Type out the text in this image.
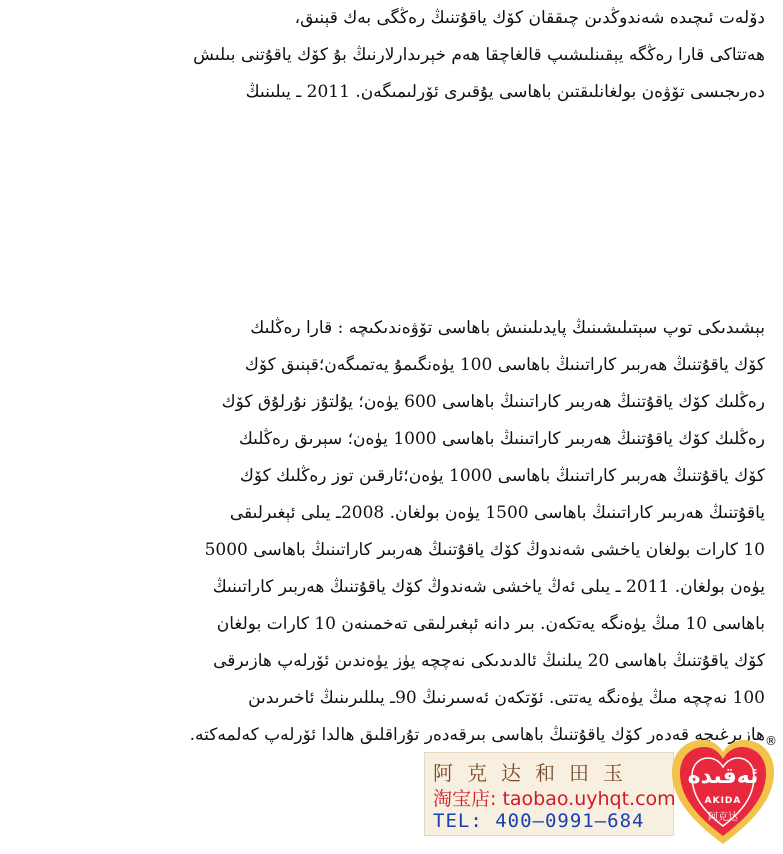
دۆلەت ئىچىدە شەندوڭدىن چىققان كۆك ياقۇتنىڭ رەڭگى بەك قېنىق،
ھەتتاكى قارا رەڭگە يېقىنلىشىپ قالغاچقا ھەم خېرىدارلارنىڭ بۇ كۆك ياقۇتنى بىلىش
دەرىجىسى تۆۋەن بولغانلىقتىن باھاسى يۇقىرى ئۆرلىمىگەن. 2011 ـ يىلىنىڭ
بېشىدىكى توپ سېتىلىشىنىڭ پايدىلىنىش باھاسى تۆۋەندىكىچە : قارا رەڭلىك
كۆك ياقۇتنىڭ ھەربىر كاراتىنىڭ باھاسى 100 يۈەنگىمۇ يەتمىگەن؛قېنىق كۆك
رەڭلىك كۆك ياقۇتنىڭ ھەربىر كاراتىنىڭ باھاسى 600 يۈەن؛ يۇلتۇز نۇرلۇق كۆك
رەڭلىك كۆك ياقۇتنىڭ ھەربىر كاراتىنىڭ باھاسى 1000 يۈەن؛ سېرىق رەڭلىك
كۆك ياقۇتنىڭ ھەربىر كاراتىنىڭ باھاسى 1000 يۈەن؛ئارقىن توز رەڭلىك كۆك
ياقۇتنىڭ ھەربىر كاراتىنىڭ باھاسى 1500 يۈەن بولغان. 2008ـ يىلى ئېغىرلىقى
10 كارات بولغان ياخشى شەندوڭ كۆك ياقۇتنىڭ ھەربىر كاراتىنىڭ باھاسى 5000
يۈەن بولغان. 2011 ـ يىلى ئەڭ ياخشى شەندوڭ كۆك ياقۇتنىڭ ھەربىر كاراتىنىڭ
باھاسى 10 مىڭ يۈەنگە يەتكەن. بىر دانە ئېغىرلىقى تەخمىنەن 10 كارات بولغان
كۆك ياقۇتنىڭ باھاسى 20 يىلنىڭ ئالدىدىكى نەچچە يۈز يۈەندىن ئۆرلەپ ھازىرقى
100 نەچچە مىڭ يۈەنگە يەتتى. ئۆتكەن ئەسىرنىڭ 90ـ يىللىرىنىڭ ئاخىرىدىن
ھازىرغىچە قەدەر كۆك ياقۇتنىڭ باھاسى بىرقەدەر تۇراقلىق ھالدا ئۆرلەپ كەلمەكتە.
阿克达和田玉
淘宝店: taobao.uyhqt.com
TEL: 400—0991—684
ئەقىدە
AKIDA
阿克达
®
